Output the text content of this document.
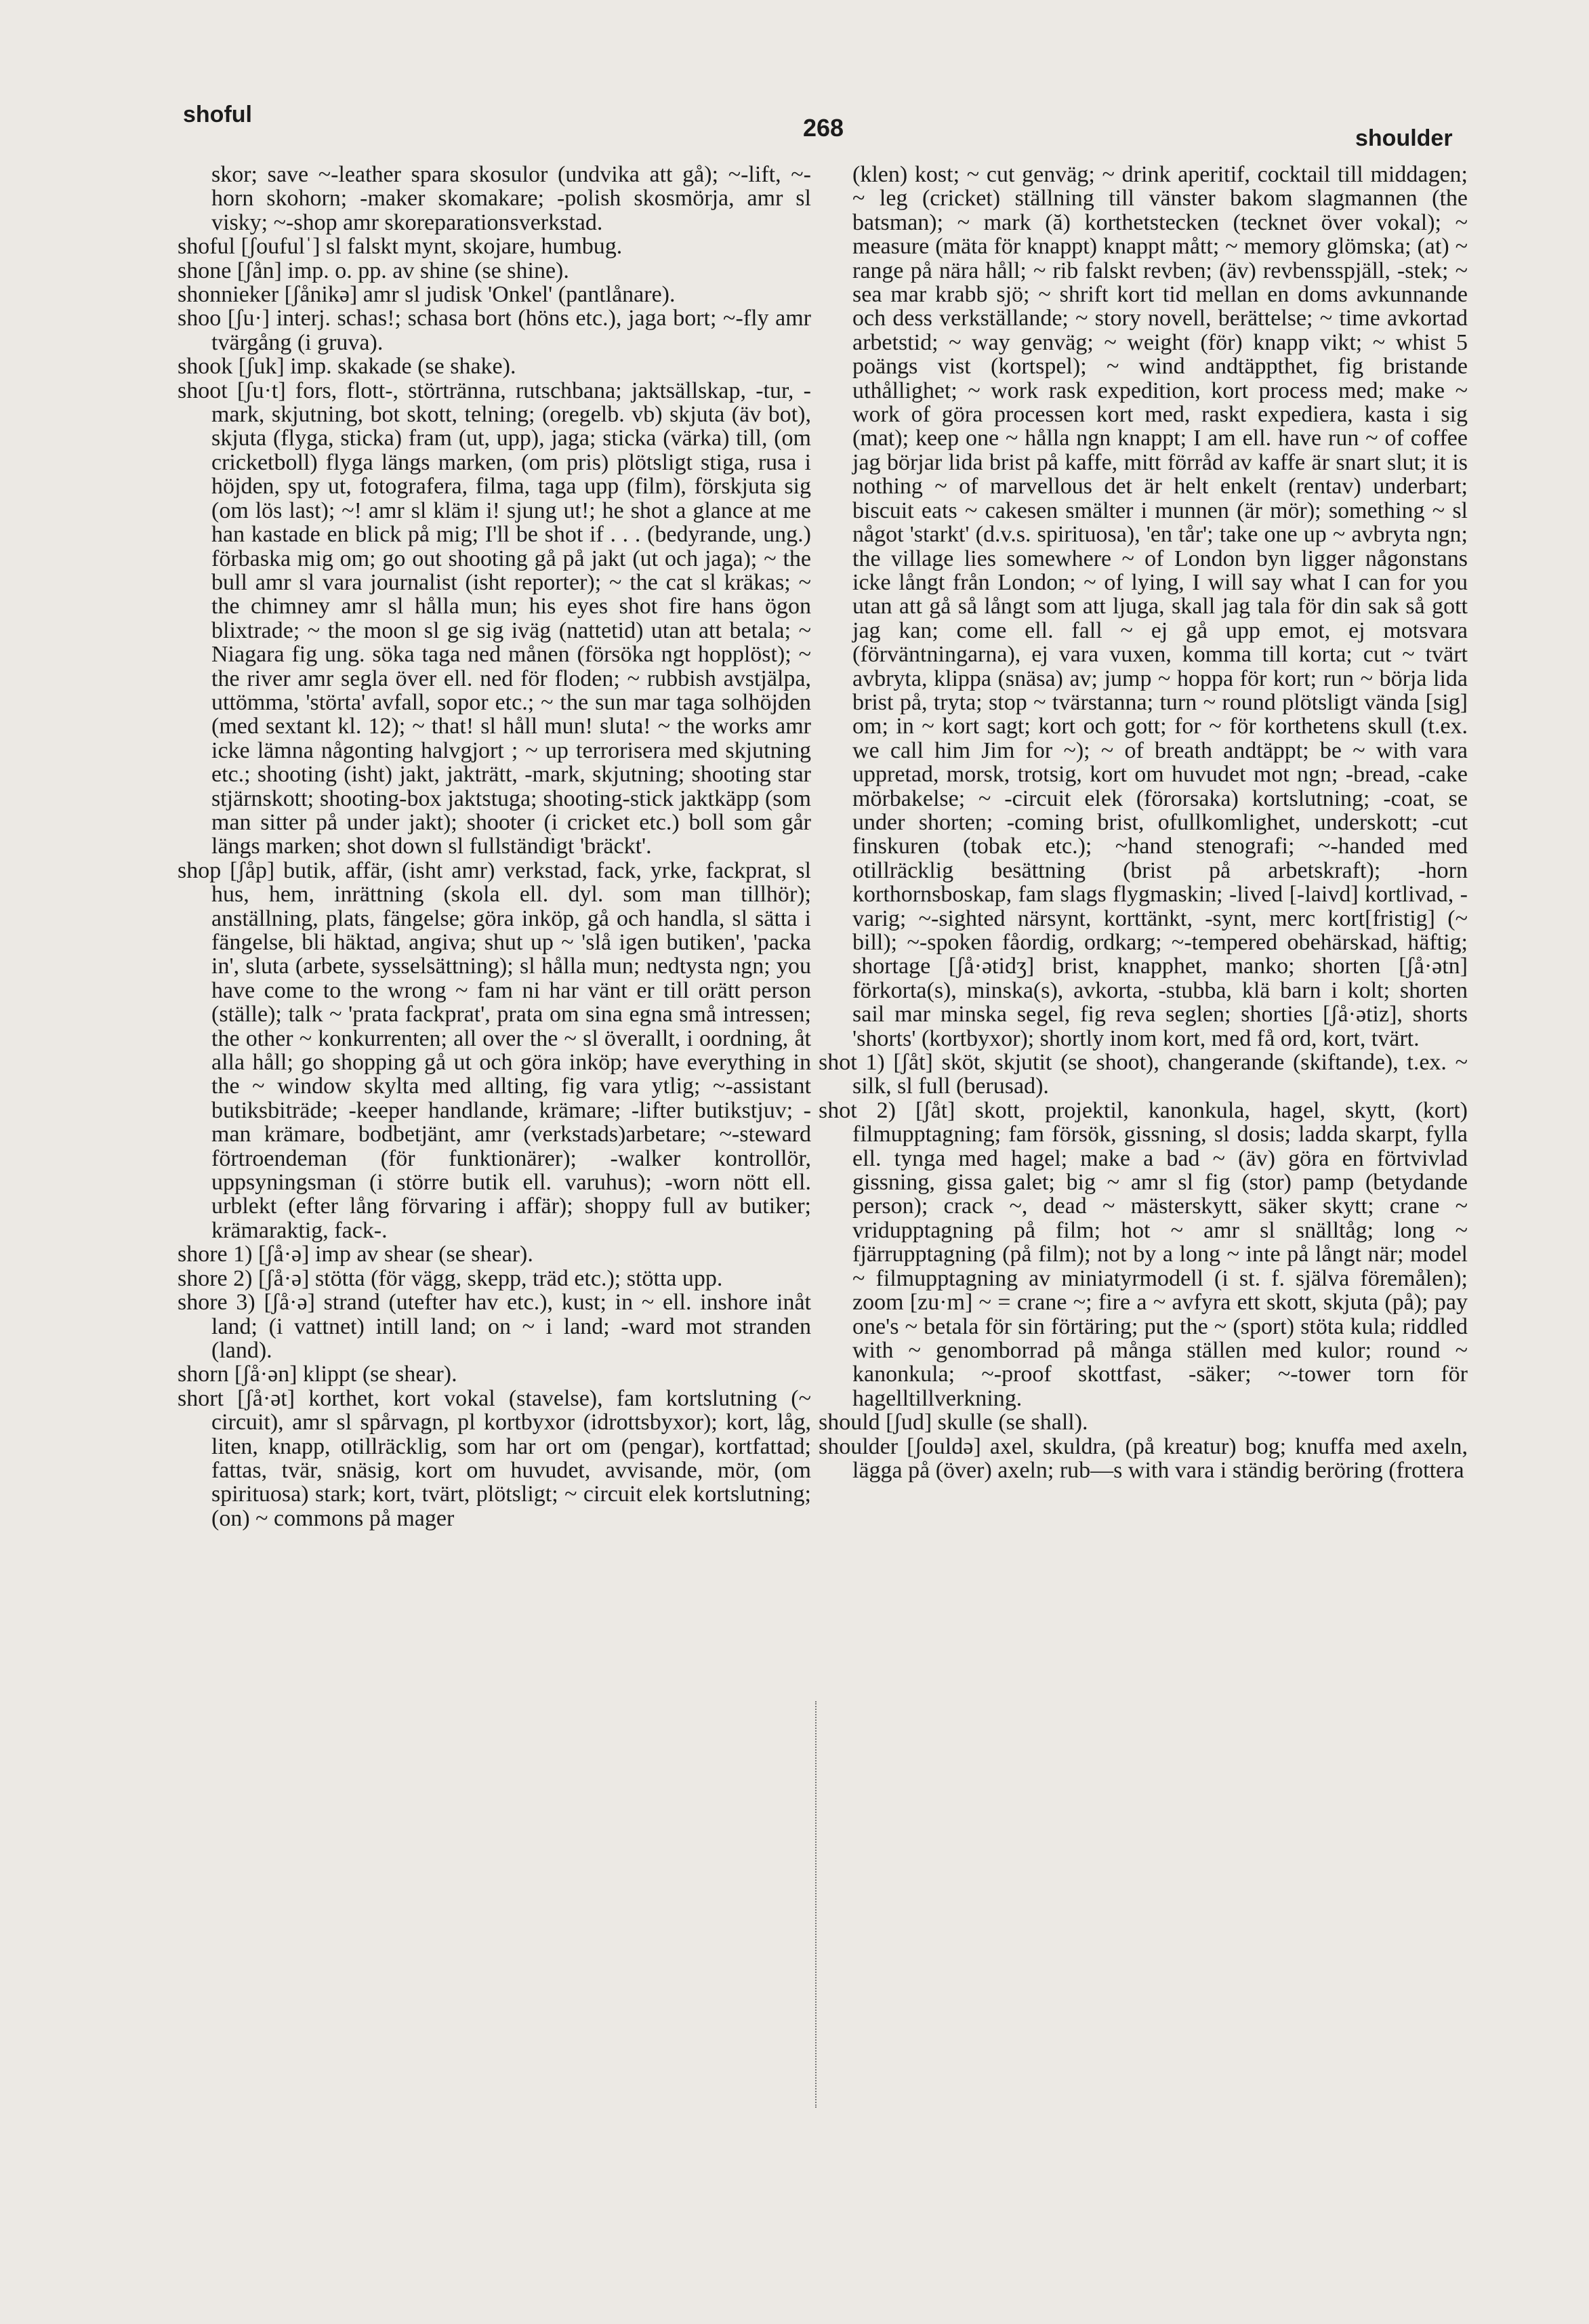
shoful	268	shoulder

skor; save ~-leather spara skosulor (undvika att gå); ~-lift, ~-horn skohorn; -maker skomakare; -polish skosmörja, amr sl visky; ~-shop amr skoreparationsverkstad.

shoful [ʃoufulˈ] sl falskt mynt, skojare, humbug.

shone [ʃån] imp. o. pp. av shine (se shine).

shonnieker [ʃånikə] amr sl judisk 'Onkel' (pantlånare).

shoo [ʃu·] interj. schas!; schasa bort (höns etc.), jaga bort; ~-fly amr tvärgång (i gruva).

shook [ʃuk] imp. skakade (se shake).

shoot [ʃu·t] fors, flott-, störtränna, rutschbana; jaktsällskap, -tur, -mark, skjutning, bot skott, telning; (oregelb. vb) skjuta (äv bot), skjuta (flyga, sticka) fram (ut, upp), jaga; sticka (värka) till, (om cricketboll) flyga längs marken, (om pris) plötsligt stiga, rusa i höjden, spy ut, fotografera, filma, taga upp (film), förskjuta sig (om lös last); ~! amr sl kläm i! sjung ut!; he shot a glance at me han kastade en blick på mig; I'll be shot if . . . (bedyrande, ung.) förbaska mig om; go out shooting gå på jakt (ut och jaga); ~ the bull amr sl vara journalist (isht reporter); ~ the cat sl kräkas; ~ the chimney amr sl hålla mun; his eyes shot fire hans ögon blixtrade; ~ the moon sl ge sig iväg (nattetid) utan att betala; ~ Niagara fig ung. söka taga ned månen (försöka ngt hopplöst); ~ the river amr segla över ell. ned för floden; ~ rubbish avstjälpa, uttömma, 'störta' avfall, sopor etc.; ~ the sun mar taga solhöjden (med sextant kl. 12); ~ that! sl håll mun! sluta! ~ the works amr icke lämna någonting halvgjort ; ~ up terrorisera med skjutning etc.; shooting (isht) jakt, jakträtt, -mark, skjutning; shooting star stjärnskott; shooting-box jaktstuga; shooting-stick jaktkäpp (som man sitter på under jakt); shooter (i cricket etc.) boll som går längs marken; shot down sl fullständigt 'bräckt'.

shop [ʃåp] butik, affär, (isht amr) verkstad, fack, yrke, fackprat, sl hus, hem, inrättning (skola ell. dyl. som man tillhör); anställning, plats, fängelse; göra inköp, gå och handla, sl sätta i fängelse, bli häktad, angiva; shut up ~ 'slå igen butiken', 'packa in', sluta (arbete, sysselsättning); sl hålla mun; nedtysta ngn; you have come to the wrong ~ fam ni har vänt er till orätt person (ställe); talk ~ 'prata fackprat', prata om sina egna små intressen; the other ~ konkurrenten; all over the ~ sl överallt, i oordning, åt alla håll; go shopping gå ut och göra inköp; have everything in the ~ window skylta med allting, fig vara ytlig; ~-assistant butiksbiträde; -keeper handlande, krämare; -lifter butikstjuv; -man krämare, bodbetjänt, amr (verkstads)arbetare; ~-steward förtroendeman (för funktionärer); -walker kontrollör, uppsyningsman (i större butik ell. varuhus); -worn nött ell. urblekt (efter lång förvaring i affär); shoppy full av butiker; krämaraktig, fack-.

shore 1) [ʃå·ə] imp av shear (se shear).

shore 2) [ʃå·ə] stötta (för vägg, skepp, träd etc.); stötta upp.

shore 3) [ʃå·ə] strand (utefter hav etc.), kust; in ~ ell. inshore inåt land; (i vattnet) intill land; on ~ i land; -ward mot stranden (land).

shorn [ʃå·ən] klippt (se shear).

short [ʃå·ət] korthet, kort vokal (stavelse), fam kortslutning (~ circuit), amr sl spårvagn, pl kortbyxor (idrottsbyxor); kort, låg, liten, knapp, otillräcklig, som har ort om (pengar), kortfattad; fattas, tvär, snäsig, kort om huvudet, avvisande, mör, (om spirituosa) stark; kort, tvärt, plötsligt; ~ circuit elek kortslutning; (on) ~ commons på mager

(klen) kost; ~ cut genväg; ~ drink aperitif, cocktail till middagen; ~ leg (cricket) ställning till vänster bakom slagmannen (the batsman); ~ mark (ă) korthetstecken (tecknet över vokal); ~ measure (mäta för knappt) knappt mått; ~ memory glömska; (at) ~ range på nära håll; ~ rib falskt revben; (äv) revbensspjäll, -stek; ~ sea mar krabb sjö; ~ shrift kort tid mellan en doms avkunnande och dess verkställande; ~ story novell, berättelse; ~ time avkortad arbetstid; ~ way genväg; ~ weight (för) knapp vikt; ~ whist 5 poängs vist (kortspel); ~ wind andtäppthet, fig bristande uthållighet; ~ work rask expedition, kort process med; make ~ work of göra processen kort med, raskt expediera, kasta i sig (mat); keep one ~ hålla ngn knappt; I am ell. have run ~ of coffee jag börjar lida brist på kaffe, mitt förråd av kaffe är snart slut; it is nothing ~ of marvellous det är helt enkelt (rentav) underbart; biscuit eats ~ cakesen smälter i munnen (är mör); something ~ sl något 'starkt' (d.v.s. spirituosa), 'en tår'; take one up ~ avbryta ngn; the village lies somewhere ~ of London byn ligger någonstans icke långt från London; ~ of lying, I will say what I can for you utan att gå så långt som att ljuga, skall jag tala för din sak så gott jag kan; come ell. fall ~ ej gå upp emot, ej motsvara (förväntningarna), ej vara vuxen, komma till korta; cut ~ tvärt avbryta, klippa (snäsa) av; jump ~ hoppa för kort; run ~ börja lida brist på, tryta; stop ~ tvärstanna; turn ~ round plötsligt vända [sig] om; in ~ kort sagt; kort och gott; for ~ för korthetens skull (t.ex. we call him Jim for ~); ~ of breath andtäppt; be ~ with vara uppretad, morsk, trotsig, kort om huvudet mot ngn; -bread, -cake mörbakelse; ~ -circuit elek (förorsaka) kortslutning; -coat, se under shorten; -coming brist, ofullkomlighet, underskott; -cut finskuren (tobak etc.); ~hand stenografi; ~-handed med otillräcklig besättning (brist på arbetskraft); -horn korthornsboskap, fam slags flygmaskin; -lived [-laivd] kortlivad, -varig; ~-sighted närsynt, korttänkt, -synt, merc kort[fristig] (~ bill); ~-spoken fåordig, ordkarg; ~-tempered obehärskad, häftig; shortage [ʃå·ətidʒ] brist, knapphet, manko; shorten [ʃå·ətn] förkorta(s), minska(s), avkorta, -stubba, klä barn i kolt; shorten sail mar minska segel, fig reva seglen; shorties [ʃå·ətiz], shorts 'shorts' (kortbyxor); shortly inom kort, med få ord, kort, tvärt.

shot 1) [ʃåt] sköt, skjutit (se shoot), changerande (skiftande), t.ex. ~ silk, sl full (berusad).

shot 2) [ʃåt] skott, projektil, kanonkula, hagel, skytt, (kort) filmupptagning; fam försök, gissning, sl dosis; ladda skarpt, fylla ell. tynga med hagel; make a bad ~ (äv) göra en förtvivlad gissning, gissa galet; big ~ amr sl fig (stor) pamp (betydande person); crack ~, dead ~ mästerskytt, säker skytt; crane ~ vridupptagning på film; hot ~ amr sl snälltåg; long ~ fjärrupptagning (på film); not by a long ~ inte på långt när; model ~ filmupptagning av miniatyrmodell (i st. f. själva föremålen); zoom [zu·m] ~ = crane ~; fire a ~ avfyra ett skott, skjuta (på); pay one's ~ betala för sin förtäring; put the ~ (sport) stöta kula; riddled with ~ genomborrad på många ställen med kulor; round ~ kanonkula; ~-proof skottfast, -säker; ~-tower torn för hagelltillverkning.

should [ʃud] skulle (se shall).

shoulder [ʃouldə] axel, skuldra, (på kreatur) bog; knuffa med axeln, lägga på (över) axeln; rub—s with vara i ständig beröring (frottera
